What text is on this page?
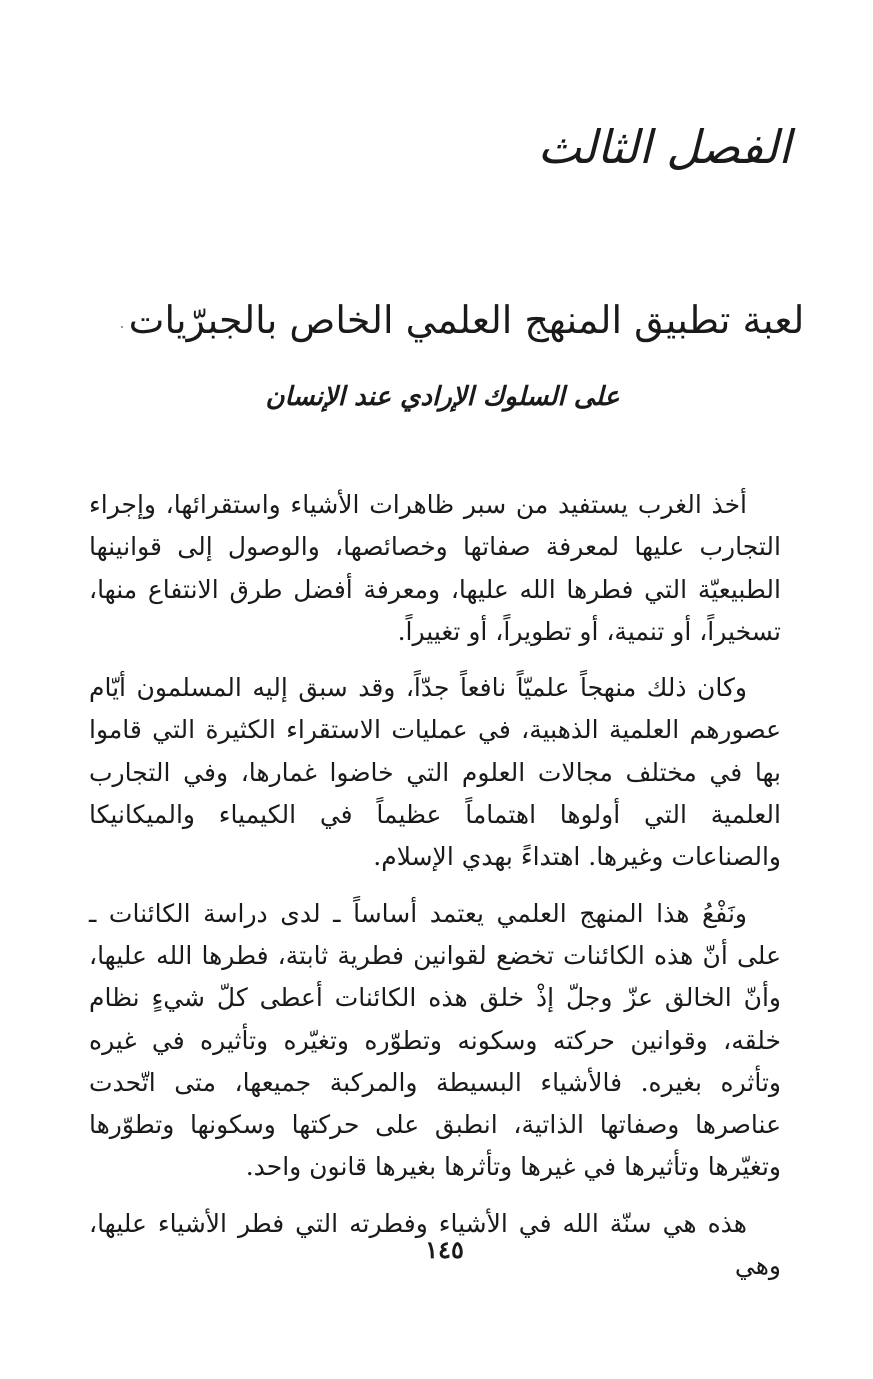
الفصل الثالث
لعبة تطبيق المنهج العلمي الخاص بالجبرّيات
على السلوك الإرادي عند الإنسان

أخذ الغرب يستفيد من سبر ظاهرات الأشياء واستقرائها، وإجراء التجارب عليها لمعرفة صفاتها وخصائصها، والوصول إلى قوانينها الطبيعيّة التي فطرها الله عليها، ومعرفة أفضل طرق الانتفاع منها، تسخيراً، أو تنمية، أو تطويراً، أو تغييراً.

وكان ذلك منهجاً علميّاً نافعاً جدّاً، وقد سبق إليه المسلمون أيّام عصورهم العلمية الذهبية، في عمليات الاستقراء الكثيرة التي قاموا بها في مختلف مجالات العلوم التي خاضوا غمارها، وفي التجارب العلمية التي أولوها اهتماماً عظيماً في الكيمياء والميكانيكا والصناعات وغيرها. اهتداءً بهدي الإسلام.

ونَفْعُ هذا المنهج العلمي يعتمد أساساً ـ لدى دراسة الكائنات ـ على أنّ هذه الكائنات تخضع لقوانين فطرية ثابتة، فطرها الله عليها، وأنّ الخالق عزّ وجلّ إذْ خلق هذه الكائنات أعطى كلّ شيءٍ نظام خلقه، وقوانين حركته وسكونه وتطوّره وتغيّره وتأثيره في غيره وتأثره بغيره. فالأشياء البسيطة والمركبة جميعها، متى اتّحدت عناصرها وصفاتها الذاتية، انطبق على حركتها وسكونها وتطوّرها وتغيّرها وتأثيرها في غيرها وتأثرها بغيرها قانون واحد.

هذه هي سنّة الله في الأشياء وفطرته التي فطر الأشياء عليها، وهي

١٤٥
